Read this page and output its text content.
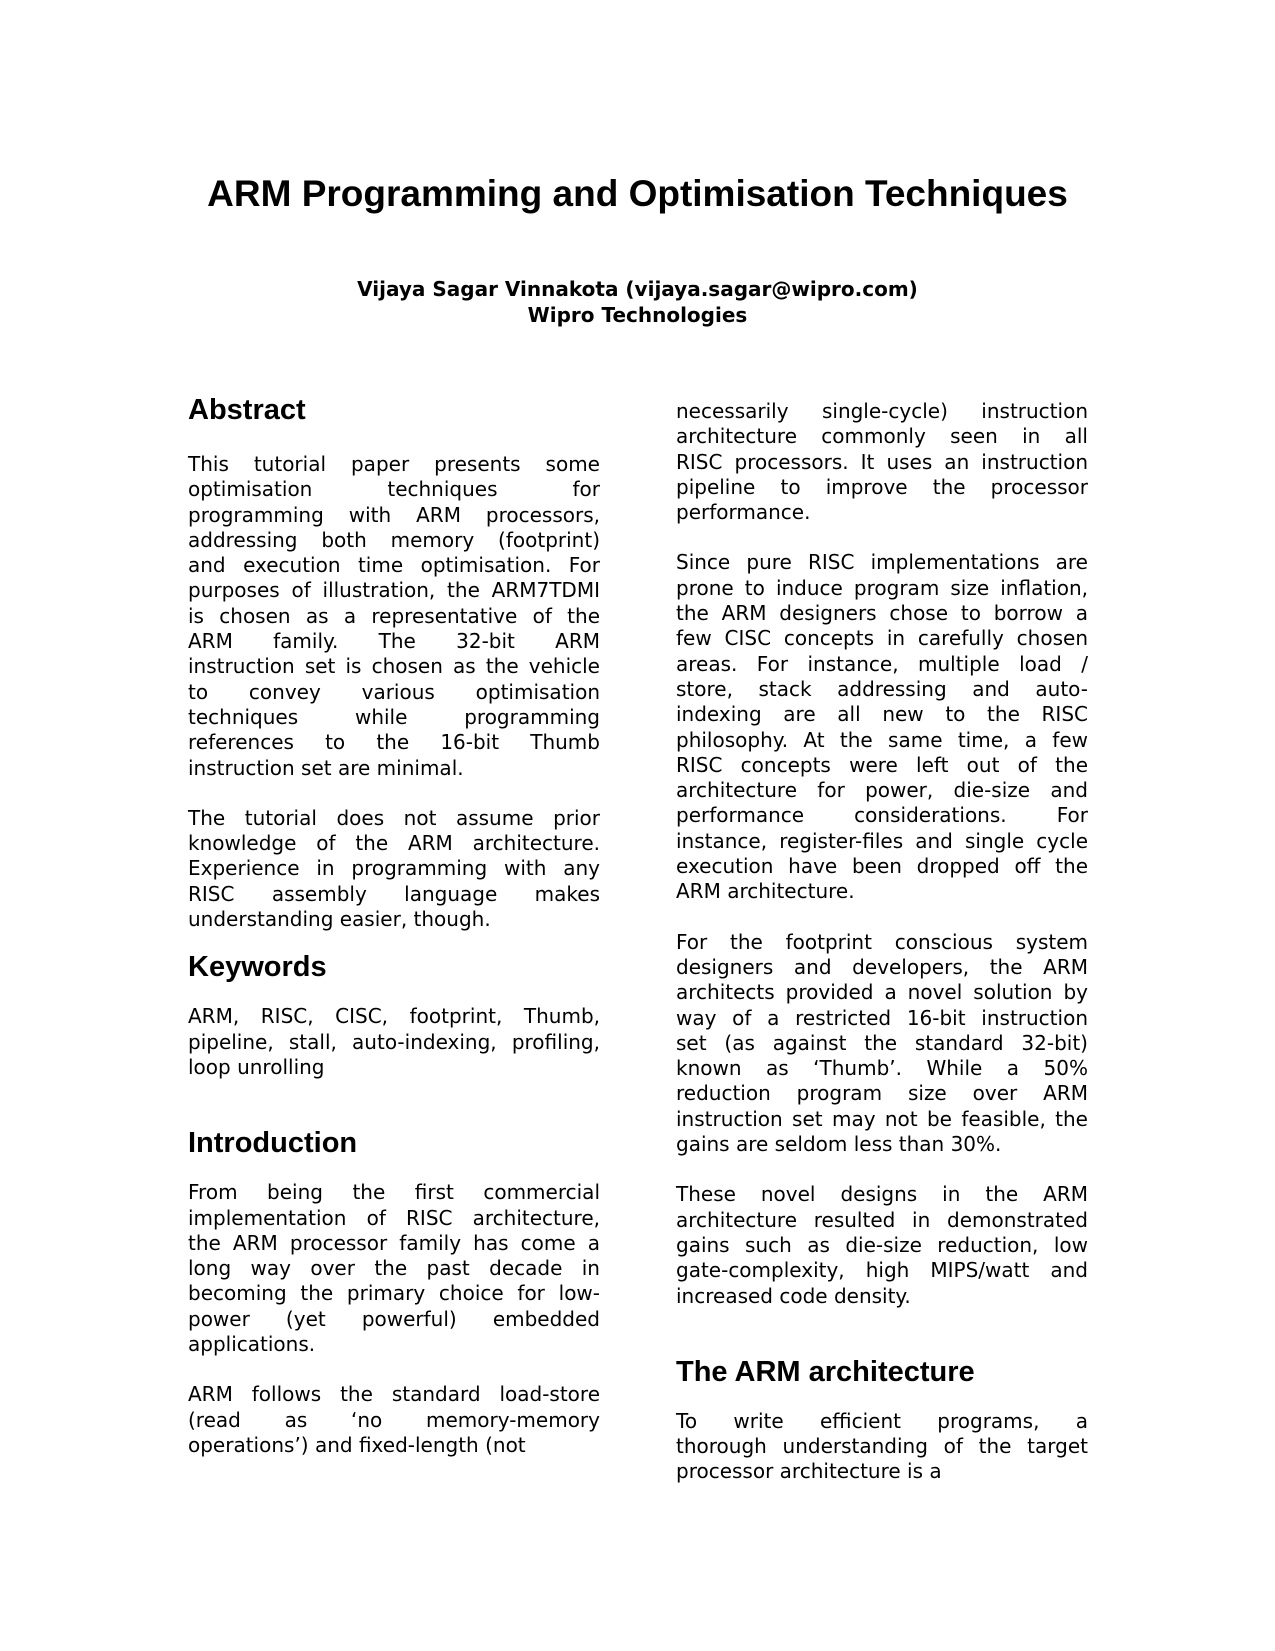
ARM Programming and Optimisation Techniques
Vijaya Sagar Vinnakota (vijaya.sagar@wipro.com)
Wipro Technologies
Abstract

This tutorial paper presents some
optimisation techniques for
programming with ARM processors,
addressing both memory (footprint)
and execution time optimisation. For
purposes of illustration, the ARM7TDMI
is chosen as a representative of the
ARM family. The 32-bit ARM
instruction set is chosen as the vehicle
to convey various optimisation
techniques while programming
references to the 16-bit Thumb
instruction set are minimal.

The tutorial does not assume prior
knowledge of the ARM architecture.
Experience in programming with any
RISC assembly language makes
understanding easier, though.

Keywords

ARM, RISC, CISC, footprint, Thumb,
pipeline, stall, auto-indexing, profiling,
loop unrolling

Introduction

From being the first commercial
implementation of RISC architecture,
the ARM processor family has come a
long way over the past decade in
becoming the primary choice for low-
power (yet powerful) embedded
applications.

ARM follows the standard load-store
(read as ‘no memory-memory
operations’) and fixed-length (not

necessarily single-cycle) instruction
architecture commonly seen in all
RISC processors. It uses an instruction
pipeline to improve the processor
performance.

Since pure RISC implementations are
prone to induce program size inflation,
the ARM designers chose to borrow a
few CISC concepts in carefully chosen
areas. For instance, multiple load /
store, stack addressing and auto-
indexing are all new to the RISC
philosophy. At the same time, a few
RISC concepts were left out of the
architecture for power, die-size and
performance considerations. For
instance, register-files and single cycle
execution have been dropped off the
ARM architecture.

For the footprint conscious system
designers and developers, the ARM
architects provided a novel solution by
way of a restricted 16-bit instruction
set (as against the standard 32-bit)
known as ‘Thumb’. While a 50%
reduction program size over ARM
instruction set may not be feasible, the
gains are seldom less than 30%.

These novel designs in the ARM
architecture resulted in demonstrated
gains such as die-size reduction, low
gate-complexity, high MIPS/watt and
increased code density.

The ARM architecture

To write efficient programs, a
thorough understanding of the target
processor architecture is a
